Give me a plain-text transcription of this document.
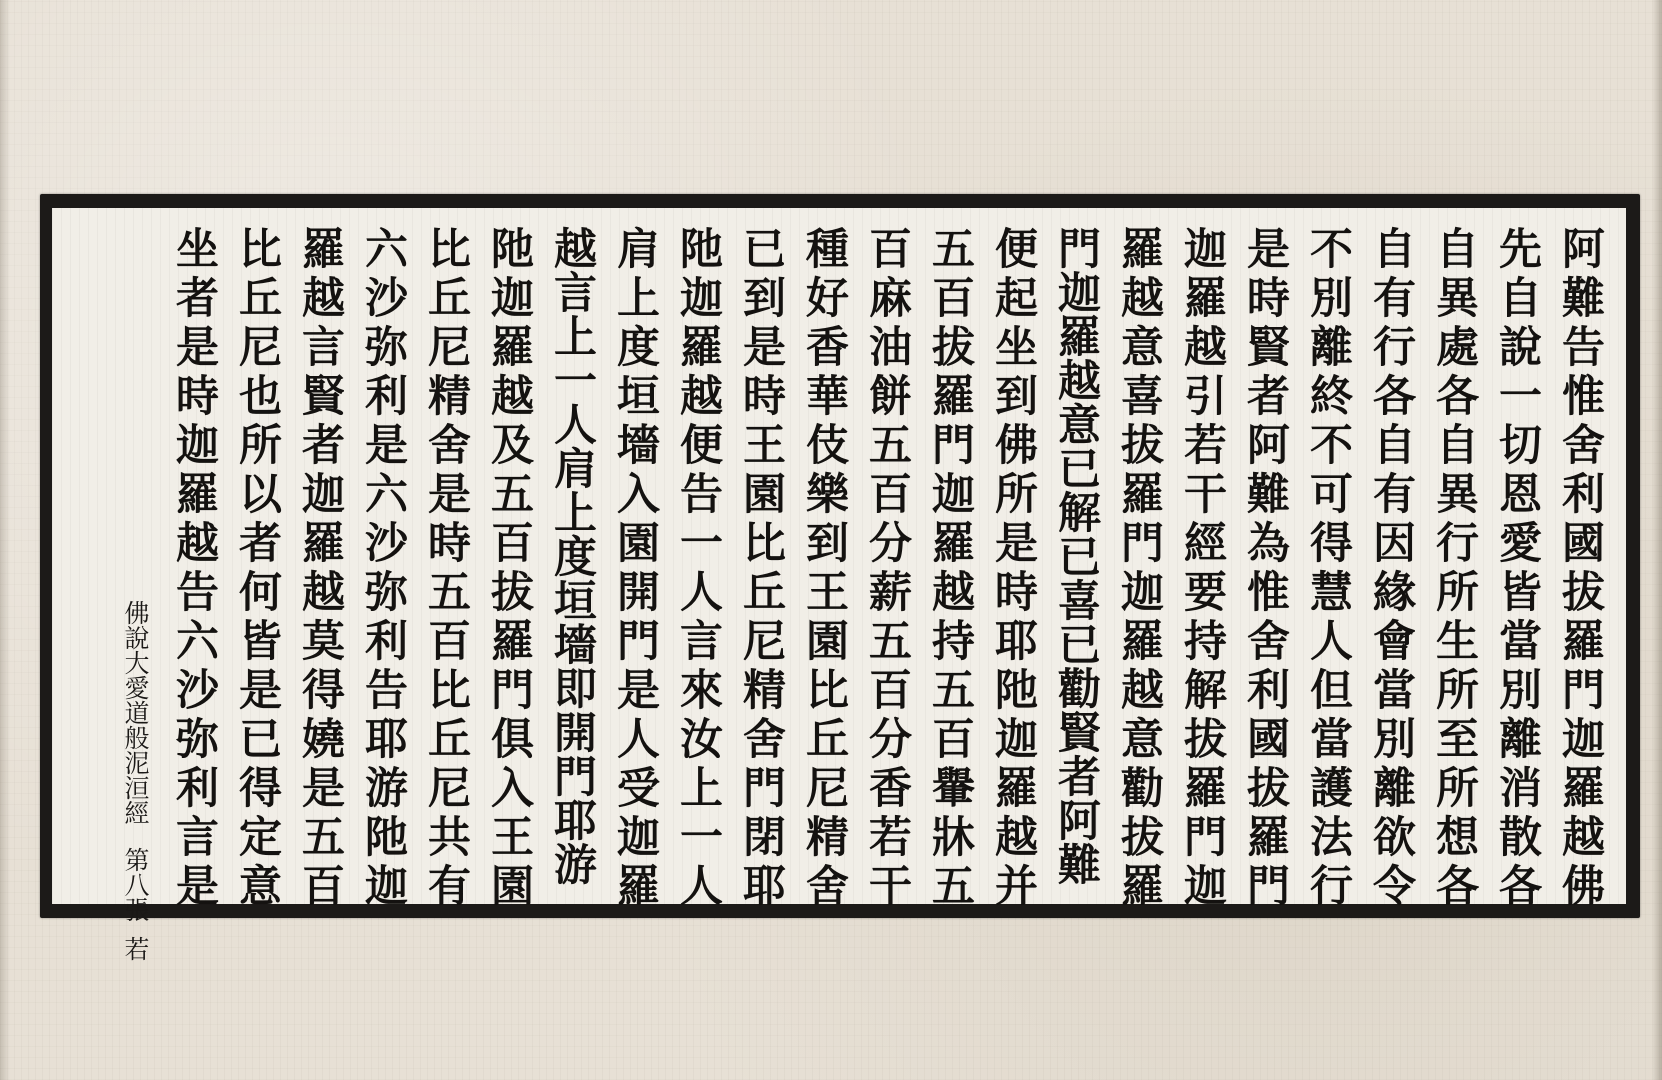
阿難告惟舍利國拔羅門迦羅越佛
先自說一切恩愛皆當別離消散各
自異處各自異行所生所至所想各
自有行各自有因緣會當別離欲令
不別離終不可得慧人但當護法行
是時賢者阿難為惟舍利國拔羅門
迦羅越引若干經要持解拔羅門迦
羅越意喜拔羅門迦羅越意勸拔羅
門迦羅越意已解已喜已勸賢者阿難
便起坐到佛所是時耶阤迦羅越并
五百拔羅門迦羅越持五百轝牀五
百麻油餅五百分薪五百分香若干
種好香華伎樂到王園比丘尼精舍
已到是時王園比丘尼精舍門閉耶
阤迦羅越便告一人言來汝上一人
肩上度垣墻入園開門是人受迦羅
越言上一人肩上度垣墻即開門耶游
阤迦羅越及五百拔羅門俱入王園
比丘尼精舍是時五百比丘尼共有
六沙弥利是六沙弥利告耶游阤迦
羅越言賢者迦羅越莫得嬈是五百
比丘尼也所以者何皆是已得定意
坐者是時迦羅越告六沙弥利言是
佛說大愛道般泥洹經第八張若
